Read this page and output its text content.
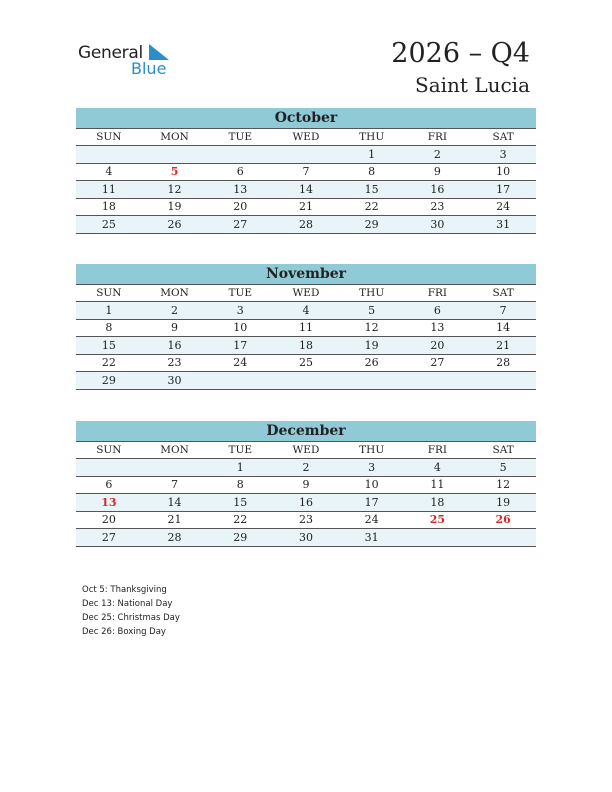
General
Blue	2026 – Q4
Saint Lucia
October
SUN	MON	TUE	WED	THU	FRI	SAT
				1	2	3
4	5	6	7	8	9	10
11	12	13	14	15	16	17
18	19	20	21	22	23	24
25	26	27	28	29	30	31
November
SUN	MON	TUE	WED	THU	FRI	SAT
1	2	3	4	5	6	7
8	9	10	11	12	13	14
15	16	17	18	19	20	21
22	23	24	25	26	27	28
29	30					
December
SUN	MON	TUE	WED	THU	FRI	SAT
		1	2	3	4	5
6	7	8	9	10	11	12
13	14	15	16	17	18	19
20	21	22	23	24	25	26
27	28	29	30	31		
Oct 5: Thanksgiving
Dec 13: National Day
Dec 25: Christmas Day
Dec 26: Boxing Day
